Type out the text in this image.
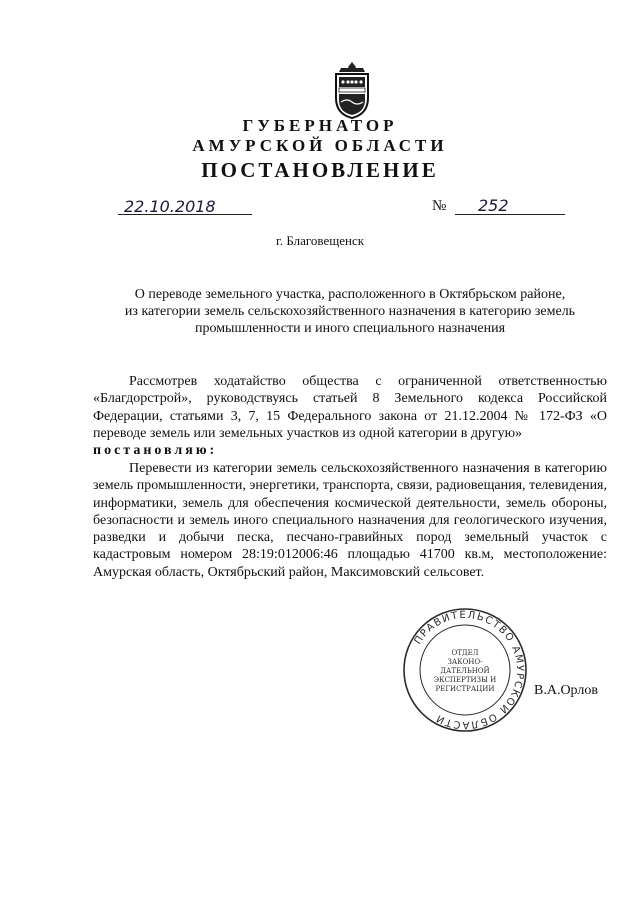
ГУБЕРНАТОР
АМУРСКОЙ ОБЛАСТИ
ПОСТАНОВЛЕНИЕ
22.10.2018	№ 252
г. Благовещенск
О переводе земельного участка, расположенного в Октябрьском районе,
из категории земель сельскохозяйственного назначения в категорию земель
промышленности и иного специального назначения
Рассмотрев ходатайство общества с ограниченной ответственностью «Благдорстрой», руководствуясь статьей 8 Земельного кодекса Российской Федерации, статьями 3, 7, 15 Федерального закона от 21.12.2004 № 172-ФЗ «О переводе земель или земельных участков из одной категории в другую»
постановляю:
Перевести из категории земель сельскохозяйственного назначения в категорию земель промышленности, энергетики, транспорта, связи, радиовещания, телевидения, информатики, земель для обеспечения космической деятельности, земель обороны, безопасности и земель иного специального назначения для геологического изучения, разведки и добычи песка, песчано-гравийных пород земельный участок с кадастровым номером 28:19:012006:46 площадью 41700 кв.м, местоположение: Амурская область, Октябрьский район, Максимовский сельсовет.
ПРАВИТЕЛЬСТВО АМУРСКОЙ ОБЛАСТИ
ОТДЕЛ
ЗАКОНО-
ДАТЕЛЬНОЙ
ЭКСПЕРТИЗЫ И
РЕГИСТРАЦИИ	В.А.Орлов
